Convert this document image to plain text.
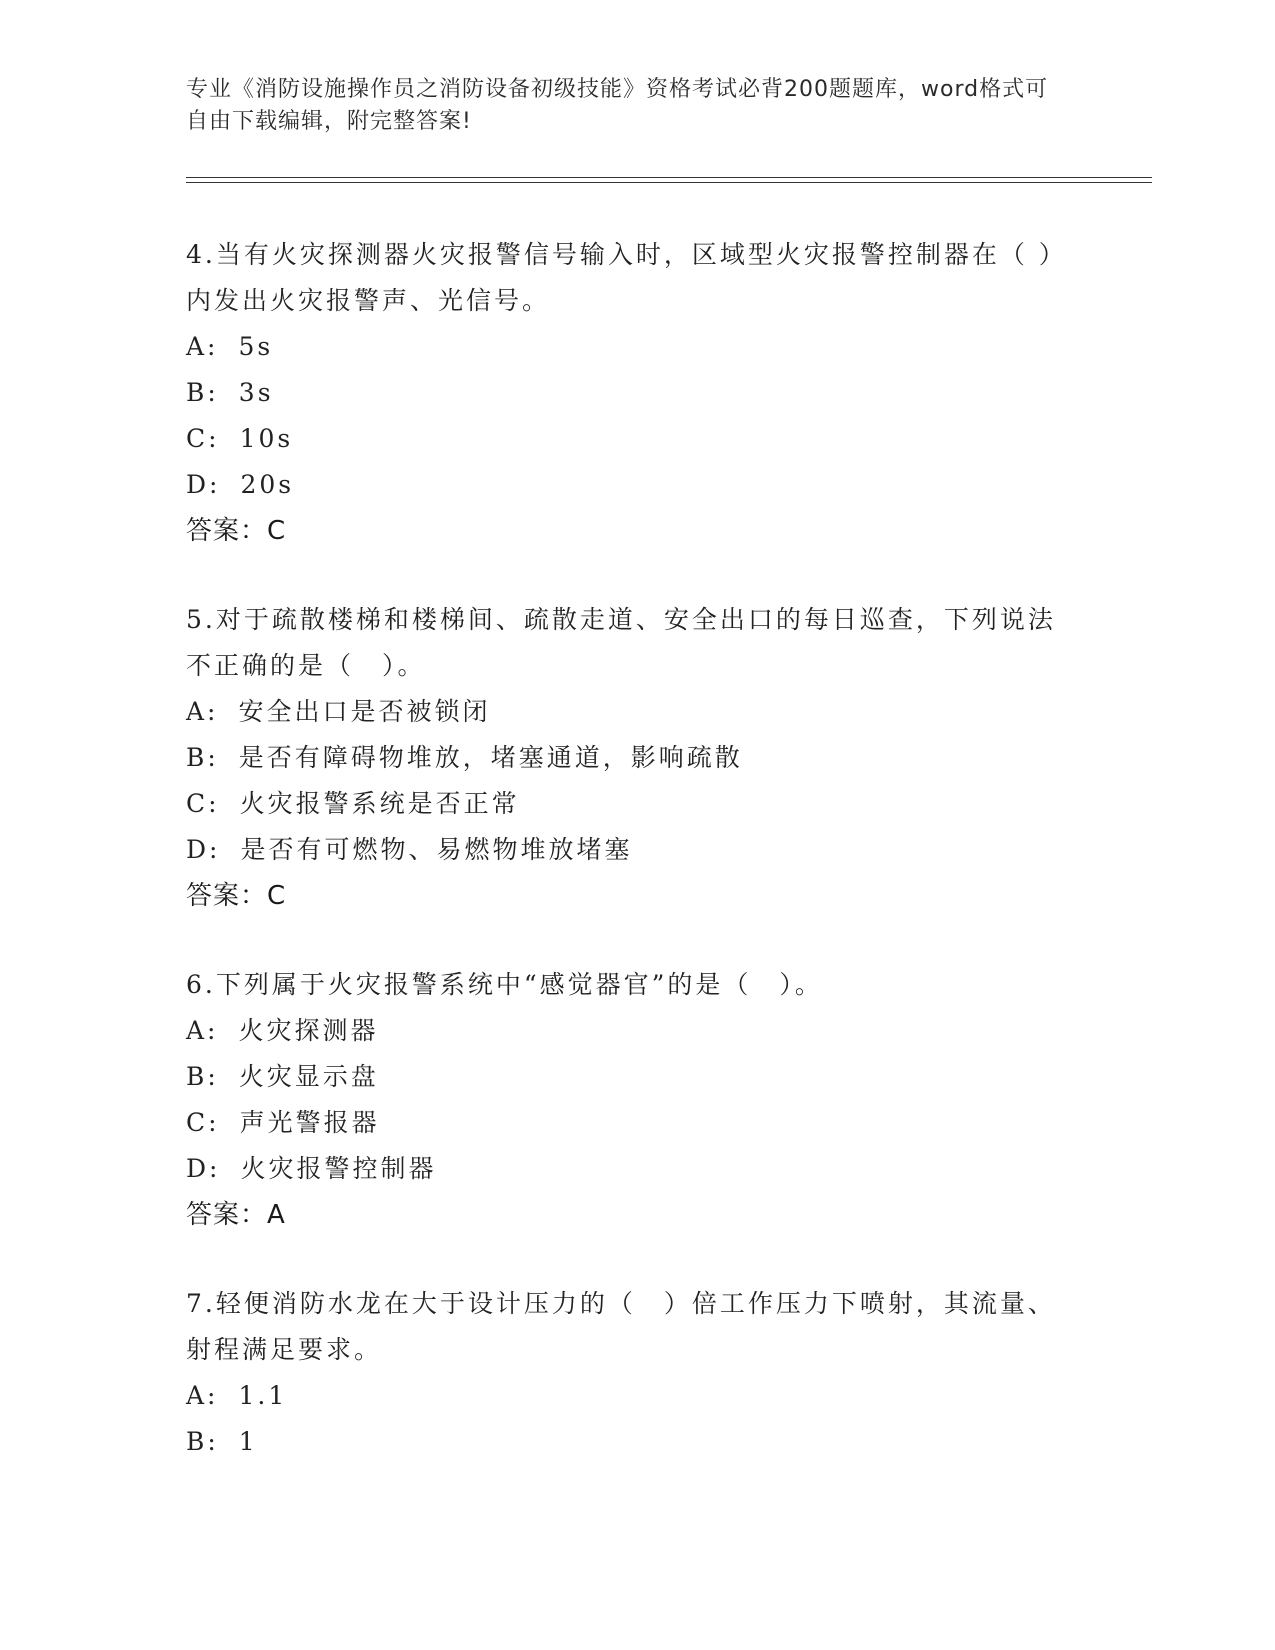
专业《消防设施操作员之消防设备初级技能》资格考试必背200题题库，word格式可自由下载编辑，附完整答案!

4.当有火灾探测器火灾报警信号输入时，区域型火灾报警控制器在（ ）内发出火灾报警声、光信号。

A: 5s
B: 3s
C: 10s
D: 20s
答案：C

5.对于疏散楼梯和楼梯间、疏散走道、安全出口的每日巡查，下列说法不正确的是（　）。

A: 安全出口是否被锁闭
B: 是否有障碍物堆放，堵塞通道，影响疏散
C: 火灾报警系统是否正常
D: 是否有可燃物、易燃物堆放堵塞
答案：C

6.下列属于火灾报警系统中“感觉器官”的是（　）。

A: 火灾探测器
B: 火灾显示盘
C: 声光警报器
D: 火灾报警控制器
答案：A

7.轻便消防水龙在大于设计压力的（　）倍工作压力下喷射，其流量、射程满足要求。

A: 1.1
B: 1
